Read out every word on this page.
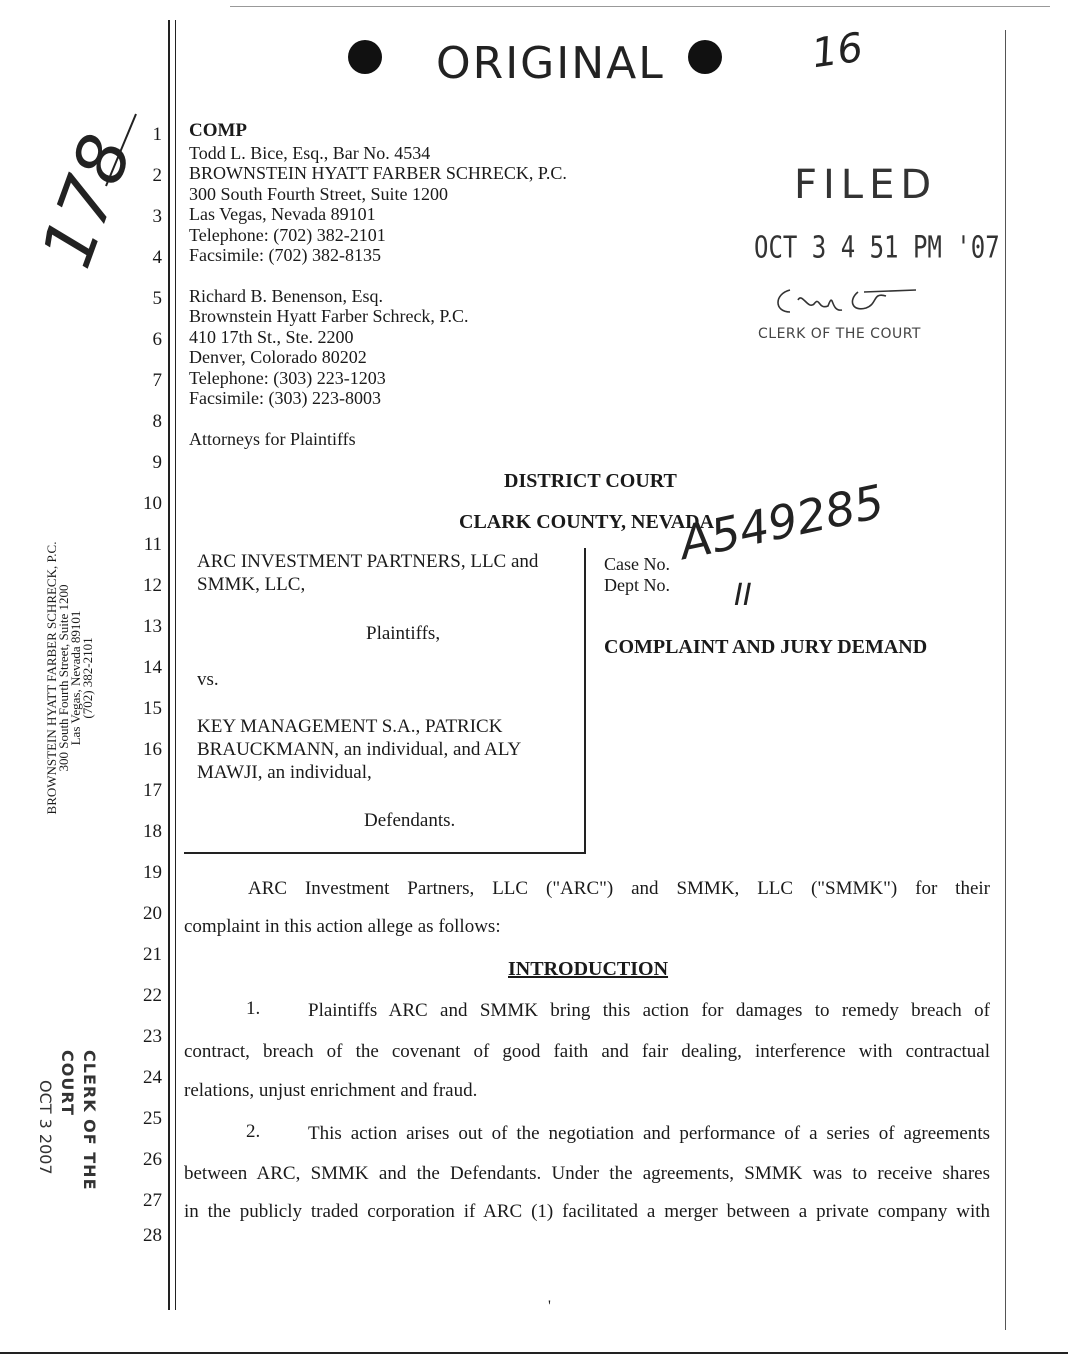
ORIGINAL	16
178 1
2
3
4
5
6
7
8
9
10
11
12
13
14
15
16
17
18
19
20
21
22
23
24
25
26
27
28
BROWNSTEIN HYATT FARBER SCHRECK, P.C.
300 South Fourth Street, Suite 1200
Las Vegas, Nevada 89101
(702) 382-2101
CLERK OF THE COURT
OCT 3 2007
COMP
Todd L. Bice, Esq., Bar No. 4534
BROWNSTEIN HYATT FARBER SCHRECK, P.C.
300 South Fourth Street, Suite 1200
Las Vegas, Nevada 89101
Telephone: (702) 382-2101
Facsimile: (702) 382-8135
Richard B. Benenson, Esq.
Brownstein Hyatt Farber Schreck, P.C.
410 17th St., Ste. 2200
Denver, Colorado 80202
Telephone: (303) 223-1203
Facsimile: (303) 223-8003
Attorneys for Plaintiffs
FILED
OCT 3 4 51 PM '07
CLERK OF THE COURT
DISTRICT COURT
CLARK COUNTY, NEVADA
ARC INVESTMENT PARTNERS, LLC and
SMMK, LLC,
Plaintiffs,
vs.
KEY MANAGEMENT S.A., PATRICK
BRAUCKMANN, an individual, and ALY
MAWJI, an individual,
Defendants.
Case No. A549285
Dept No. II
COMPLAINT AND JURY DEMAND
ARC Investment Partners, LLC ("ARC") and SMMK, LLC ("SMMK") for their
complaint in this action allege as follows:
INTRODUCTION
1.	Plaintiffs ARC and SMMK bring this action for damages to remedy breach of
contract, breach of the covenant of good faith and fair dealing, interference with contractual
relations, unjust enrichment and fraud.
2.	This action arises out of the negotiation and performance of a series of agreements
between ARC, SMMK and the Defendants. Under the agreements, SMMK was to receive shares
in the publicly traded corporation if ARC (1) facilitated a merger between a private company with
'
